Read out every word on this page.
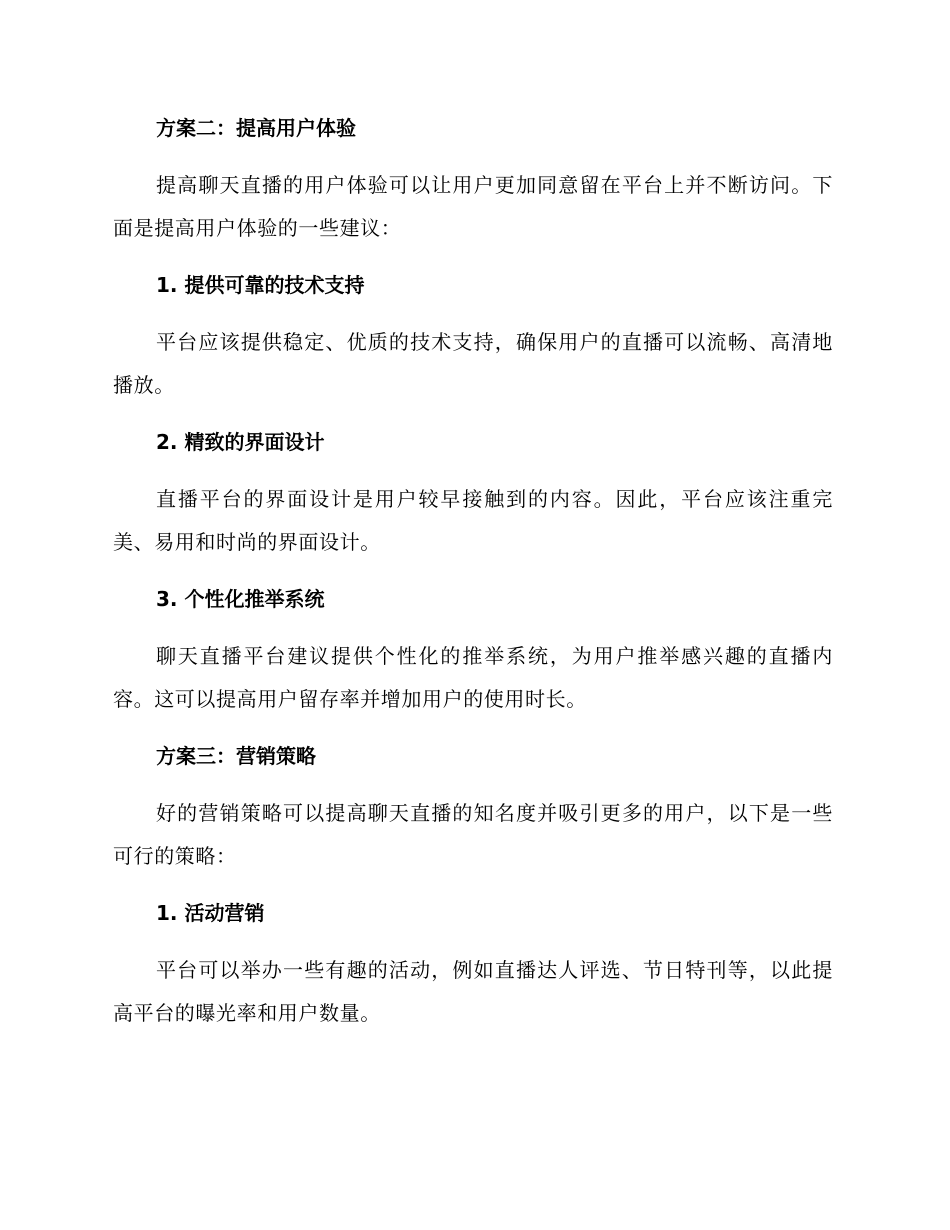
方案二：提高用户体验

提高聊天直播的用户体验可以让用户更加同意留在平台上并不断访问。下面是提高用户体验的一些建议：

1. 提供可靠的技术支持

平台应该提供稳定、优质的技术支持，确保用户的直播可以流畅、高清地播放。

2. 精致的界面设计

直播平台的界面设计是用户较早接触到的内容。因此，平台应该注重完美、易用和时尚的界面设计。

3. 个性化推举系统

聊天直播平台建议提供个性化的推举系统，为用户推举感兴趣的直播内容。这可以提高用户留存率并增加用户的使用时长。

方案三：营销策略

好的营销策略可以提高聊天直播的知名度并吸引更多的用户，以下是一些可行的策略：

1. 活动营销

平台可以举办一些有趣的活动，例如直播达人评选、节日特刊等，以此提高平台的曝光率和用户数量。
